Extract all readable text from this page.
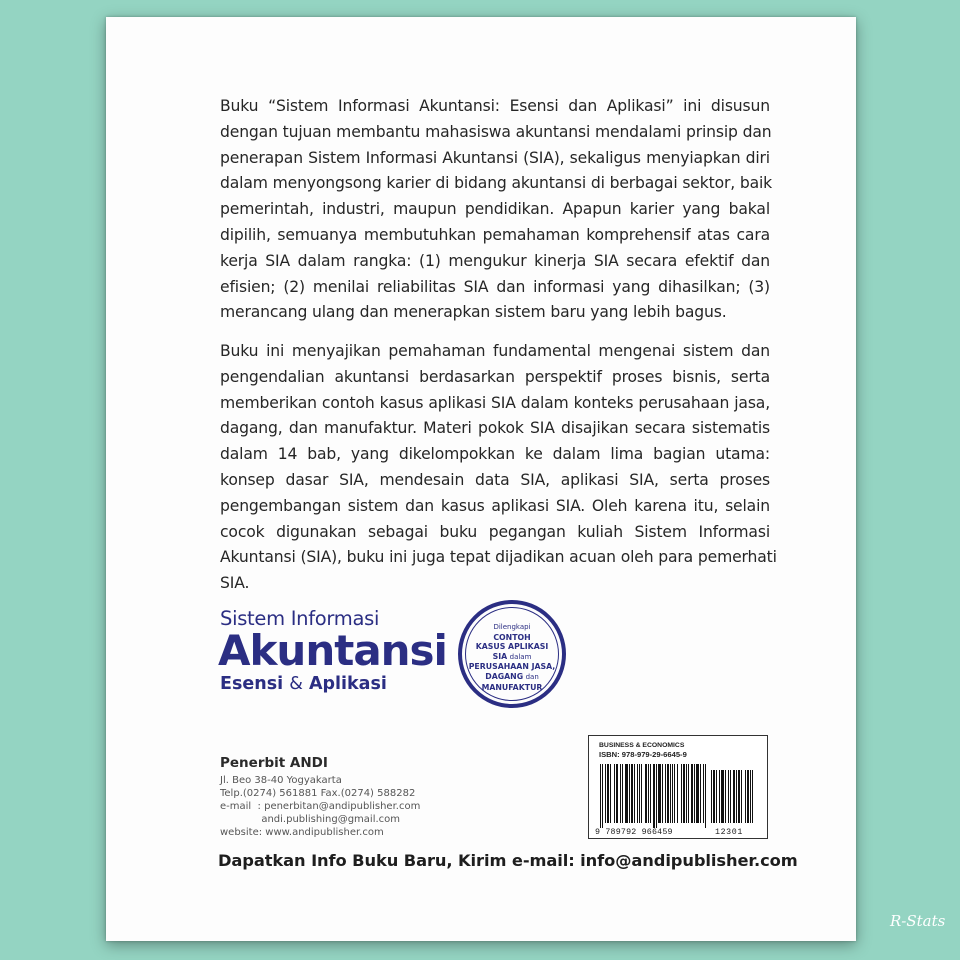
Buku “Sistem Informasi Akuntansi: Esensi dan Aplikasi” ini disusun
dengan tujuan membantu mahasiswa akuntansi mendalami prinsip dan
penerapan Sistem Informasi Akuntansi (SIA), sekaligus menyiapkan diri
dalam menyongsong karier di bidang akuntansi di berbagai sektor, baik
pemerintah, industri, maupun pendidikan. Apapun karier yang bakal
dipilih, semuanya membutuhkan pemahaman komprehensif atas cara
kerja SIA dalam rangka: (1) mengukur kinerja SIA secara efektif dan
efisien; (2) menilai reliabilitas SIA dan informasi yang dihasilkan; (3)
merancang ulang dan menerapkan sistem baru yang lebih bagus.
Buku ini menyajikan pemahaman fundamental mengenai sistem dan
pengendalian akuntansi berdasarkan perspektif proses bisnis, serta
memberikan contoh kasus aplikasi SIA dalam konteks perusahaan jasa,
dagang, dan manufaktur. Materi pokok SIA disajikan secara sistematis
dalam 14 bab, yang dikelompokkan ke dalam lima bagian utama:
konsep dasar SIA, mendesain data SIA, aplikasi SIA, serta proses
pengembangan sistem dan kasus aplikasi SIA. Oleh karena itu, selain
cocok digunakan sebagai buku pegangan kuliah Sistem Informasi
Akuntansi (SIA), buku ini juga tepat dijadikan acuan oleh para pemerhati
SIA.
Sistem Informasi
Akuntansi
Esensi & Aplikasi
Dilengkapi
CONTOH
KASUS APLIKASI
SIA dalam
PERUSAHAAN JASA,
DAGANG dan
MANUFAKTUR
Penerbit ANDI
Jl. Beo 38-40 Yogyakarta
Telp.(0274) 561881 Fax.(0274) 588282
e-mail  : penerbitan@andipublisher.com
andi.publishing@gmail.com
website: www.andipublisher.com
BUSINESS & ECONOMICS
ISBN: 978-979-29-6645-9
9 789792 966459	12301
Dapatkan Info Buku Baru, Kirim e-mail: info@andipublisher.com
R-Stats
